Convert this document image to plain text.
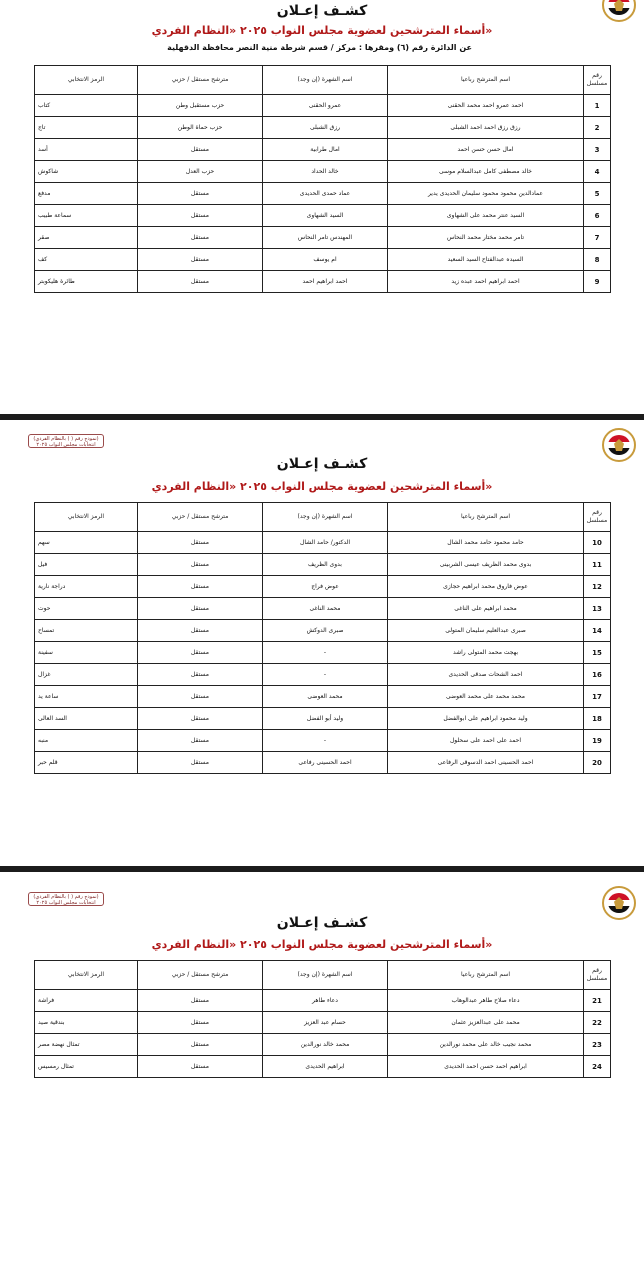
كشـف إعـلان
أسماء المترشحين لعضوية مجلس النواب ٢٠٢٥ «النظام الفردي»
عن الدائرة رقم (٦) ومقرها : مركز / قسم شرطة منية النصر محافظة الدقهلية
رقم مسلسل	اسم المترشح رباعيا	اسم الشهرة (إن وجد)	مترشح مستقل / حزبي	الرمز الانتخابي
1	احمد عمرو احمد محمد الحقنى	عمرو الحقنى	حزب مستقبل وطن	كتاب
2	رزق رزق احمد احمد الشبلى	رزق الشبلى	حزب حماة الوطن	تاج
3	امال حسن حسن احمد	امال طرابية	مستقل	أسد
4	خالد مصطفى كامل عبدالسلام موسى	خالد الحداد	حزب العدل	شاكوش
5	عمادالدين محمود محمود سليمان الحديدى يدير	عماد حمدى الحديدى	مستقل	مدفع
6	السيد عنتر محمد على الشهاوى	السيد الشهاوى	مستقل	سماعة طبيب
7	تامر محمد مختار محمد النحاس	المهندس تامر النحاس	مستقل	صقر
8	السيده عبدالفتاح السيد السعيد	ام يوسف	مستقل	كف
9	احمد ابراهيم احمد عبده زيد	احمد ابراهيم احمد	مستقل	طائرة هليكوبتر
(نموذج رقم ( ) بالنظام الفردي)
انتخابات مجلس النواب ٢٠٢٥
كشـف إعـلان
أسماء المترشحين لعضوية مجلس النواب ٢٠٢٥ «النظام الفردي»
رقم مسلسل	اسم المترشح رباعيا	اسم الشهرة (إن وجد)	مترشح مستقل / حزبي	الرمز الانتخابي
10	حامد محمود حامد محمد الشال	الدكتور/ حامد الشال	مستقل	سهم
11	بدوى محمد الظريف عيسى الشربينى	بدوى الظريف	مستقل	فيل
12	عوض فاروق محمد ابراهيم حجازى	عوض فراج	مستقل	دراجة نارية
13	محمد ابراهيم على الناغى	محمد الناغى	مستقل	حوت
14	صبرى عبدالعليم سليمان المتولى	صبرى الدوكش	مستقل	تمساح
15	بهجت محمد المتولى راشد	-	مستقل	سفينة
16	احمد الشحات صدقى الحديدى	-	مستقل	غزال
17	محمد محمد على محمد العوضى	محمد العوضى	مستقل	ساعة يد
18	وليد محمود ابراهيم على ابوالفضل	وليد أبو الفضل	مستقل	السد العالى
19	احمد على احمد على سحلول	-	مستقل	منبه
20	احمد الحسينى احمد الدسوقى الرفاعى	احمد الحسينى رفاعى	مستقل	قلم حبر
(نموذج رقم ( ) بالنظام الفردي)
انتخابات مجلس النواب ٢٠٢٥
كشـف إعـلان
أسماء المترشحين لعضوية مجلس النواب ٢٠٢٥ «النظام الفردي»
رقم مسلسل	اسم المترشح رباعيا	اسم الشهرة (إن وجد)	مترشح مستقل / حزبي	الرمز الانتخابي
21	دعاء صلاح طاهر عبدالوهاب	دعاء طاهر	مستقل	فراشة
22	محمد على عبدالعزيز عثمان	حسام عبد العزيز	مستقل	بندقية صيد
23	محمد نجيب خالد على محمد نورالدين	محمد خالد نورالدين	مستقل	تمثال نهضة مصر
24	ابراهيم احمد حسن احمد الحديدى	ابراهيم الحديدى	مستقل	تمثال رمسيس
